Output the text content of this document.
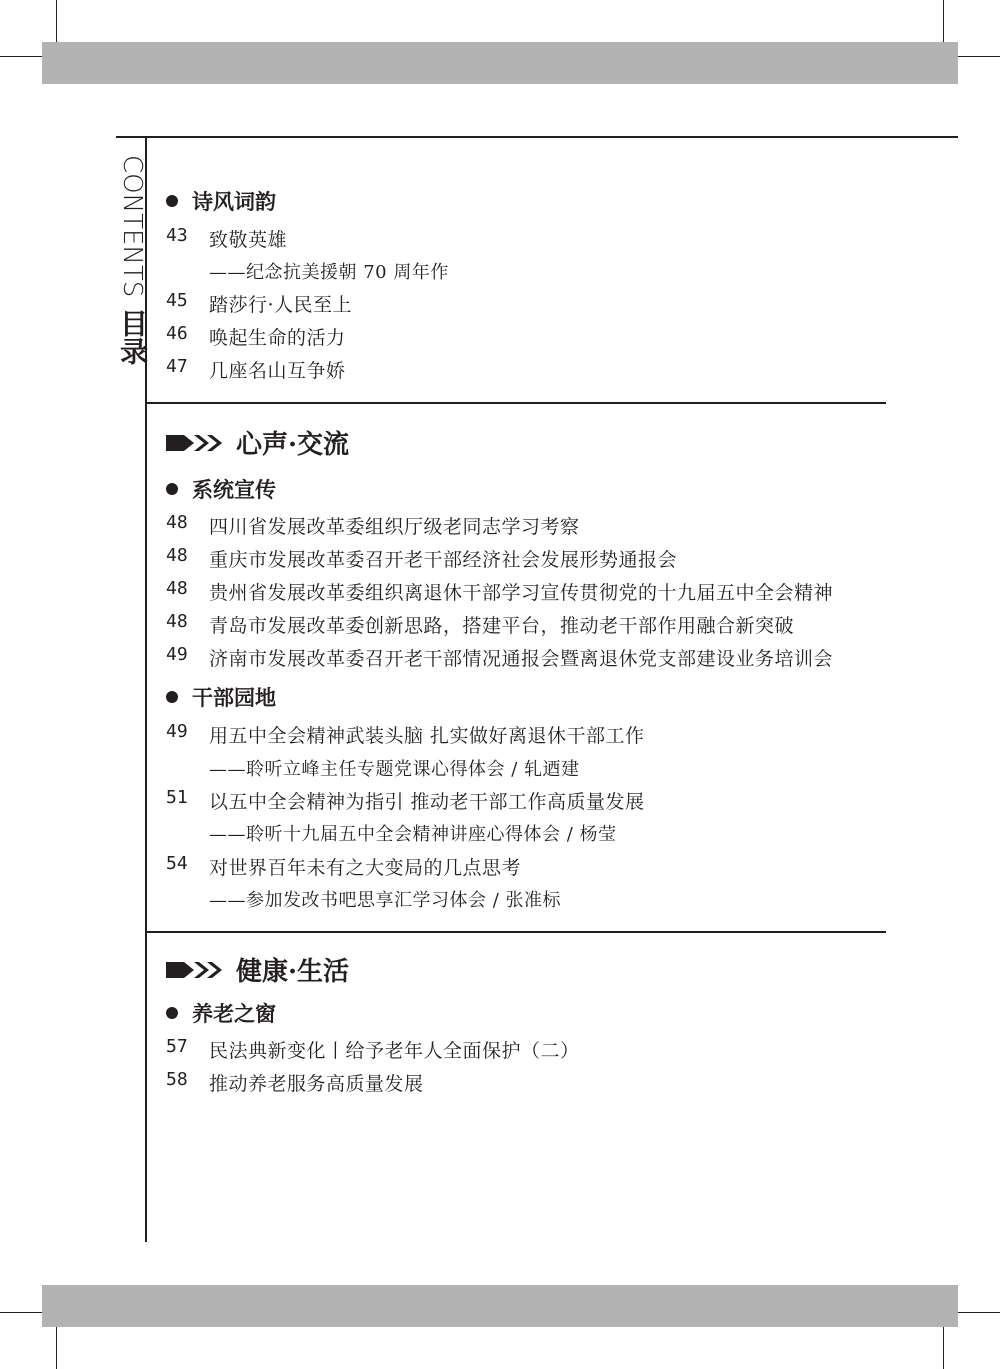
CONTENTS 目录
诗风词韵
43	致敬英雄
——纪念抗美援朝 70 周年作
45	踏莎行·人民至上
46	唤起生命的活力
47	几座名山互争娇
心声·交流
系统宣传
48	四川省发展改革委组织厅级老同志学习考察
48	重庆市发展改革委召开老干部经济社会发展形势通报会
48	贵州省发展改革委组织离退休干部学习宣传贯彻党的十九届五中全会精神
48	青岛市发展改革委创新思路，搭建平台，推动老干部作用融合新突破
49	济南市发展改革委召开老干部情况通报会暨离退休党支部建设业务培训会
干部园地
49	用五中全会精神武装头脑 扎实做好离退休干部工作
——聆听立峰主任专题党课心得体会 / 轧迺建
51	以五中全会精神为指引 推动老干部工作高质量发展
——聆听十九届五中全会精神讲座心得体会 / 杨莹
54	对世界百年未有之大变局的几点思考
——参加发改书吧思享汇学习体会 / 张准标
健康·生活
养老之窗
57	民法典新变化丨给予老年人全面保护（二）
58	推动养老服务高质量发展
